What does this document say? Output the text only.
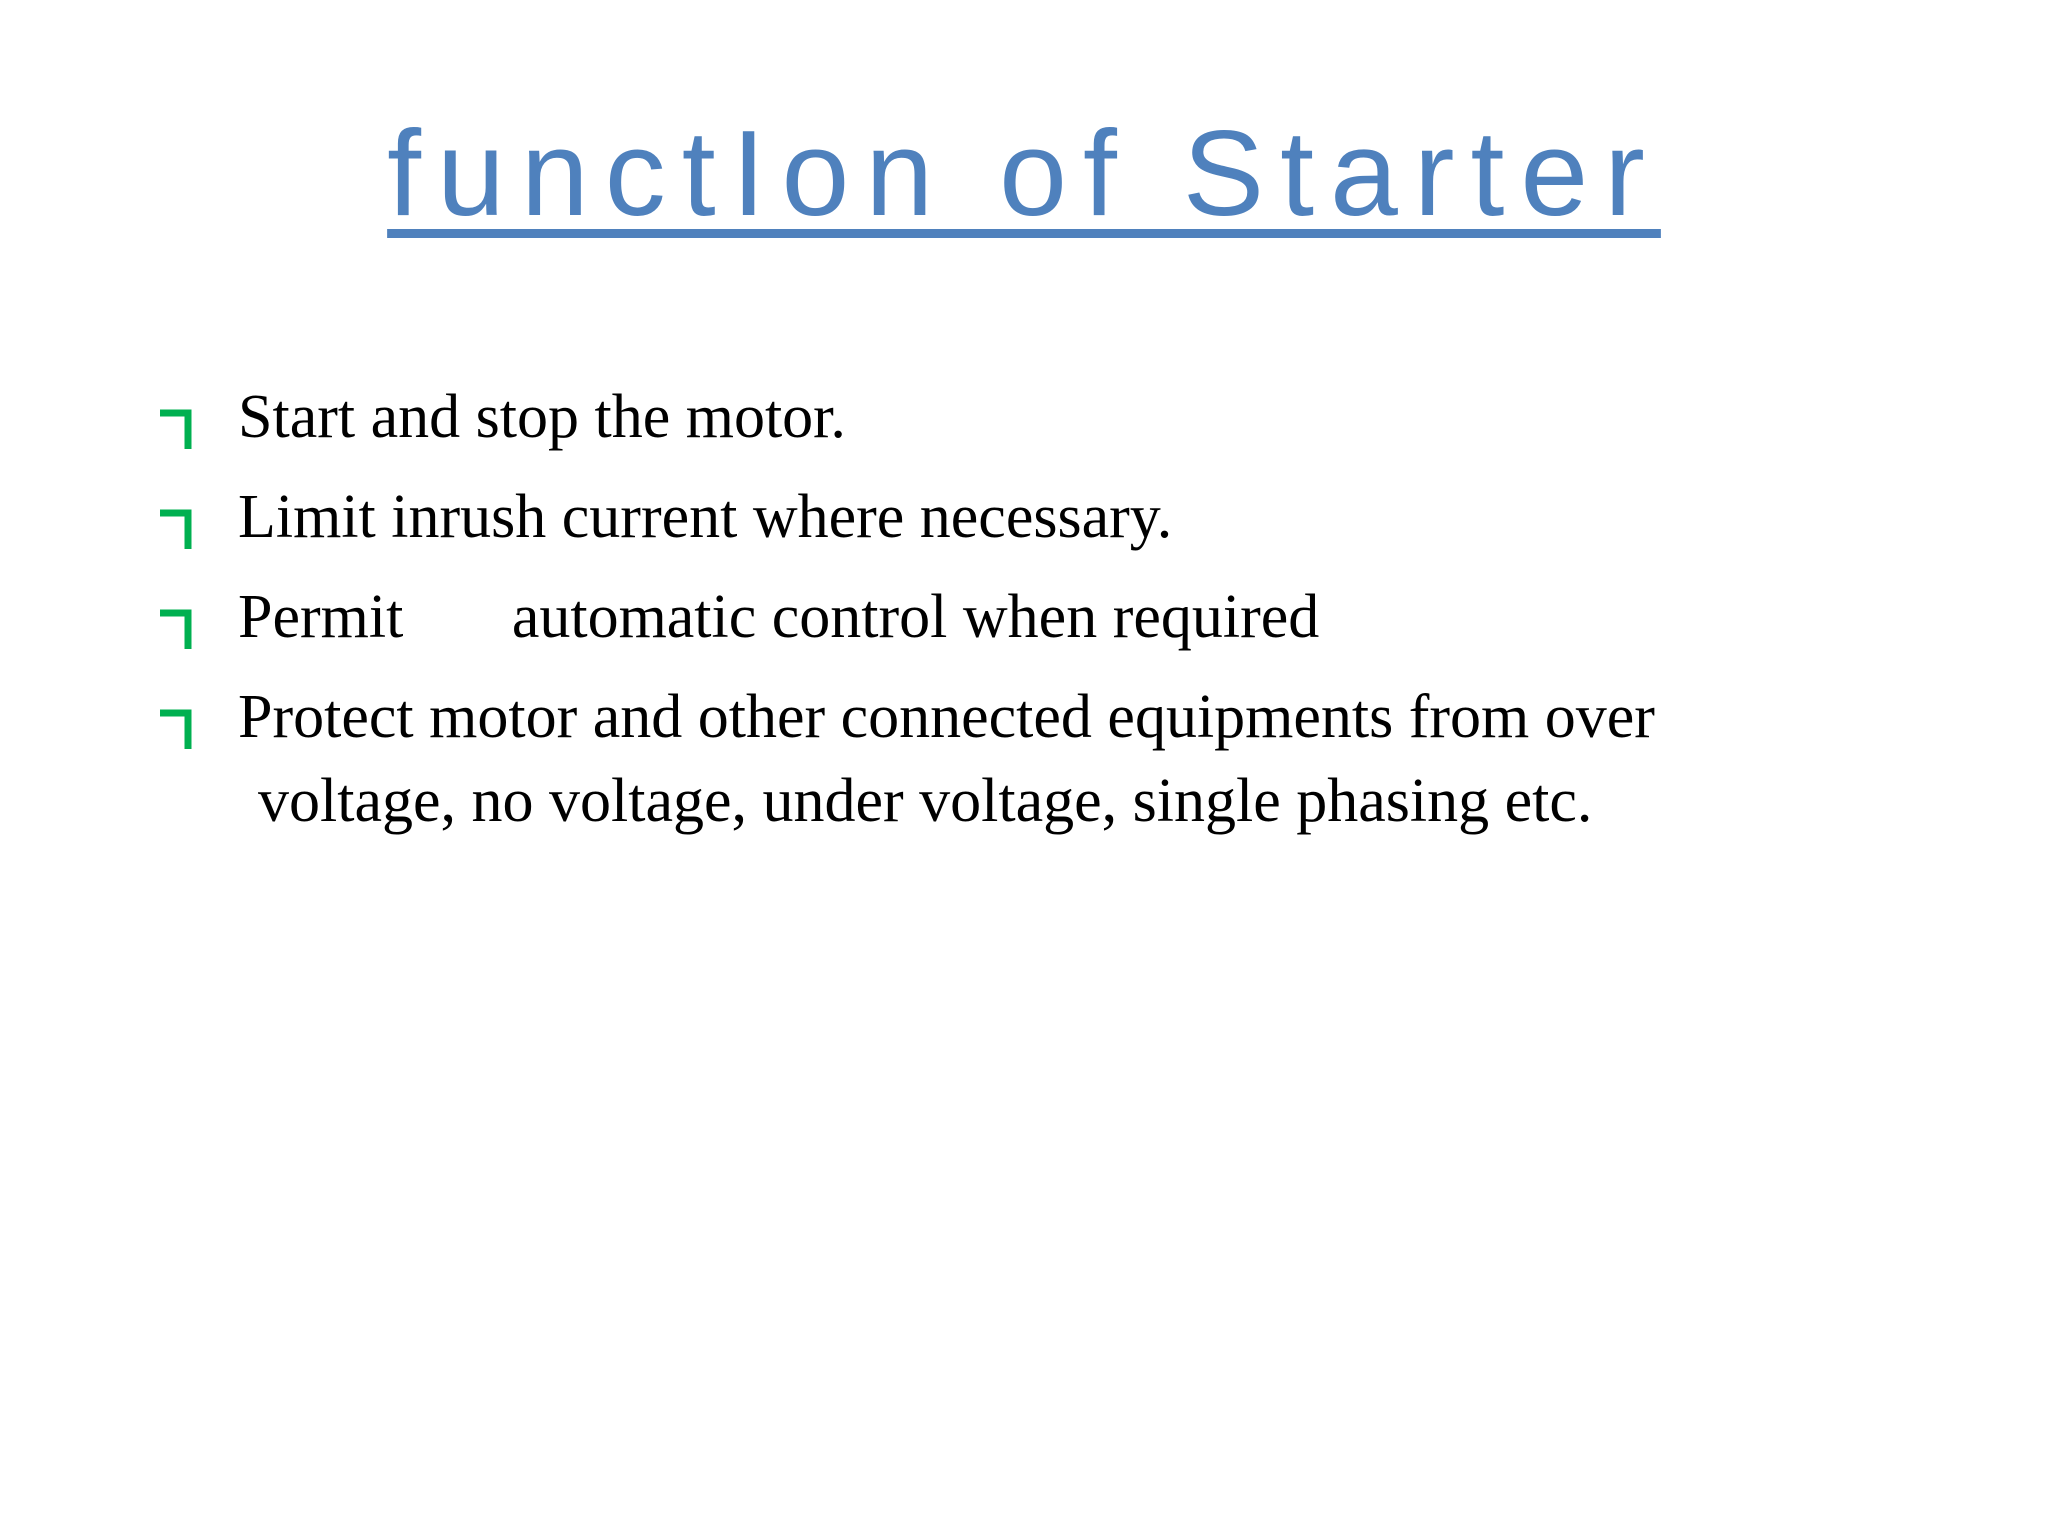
functIon of Starter
Start and stop the motor.
Limit inrush current where necessary.
Permit       automatic control when required
Protect motor and other connected equipments from over
voltage, no voltage, under voltage, single phasing etc.
